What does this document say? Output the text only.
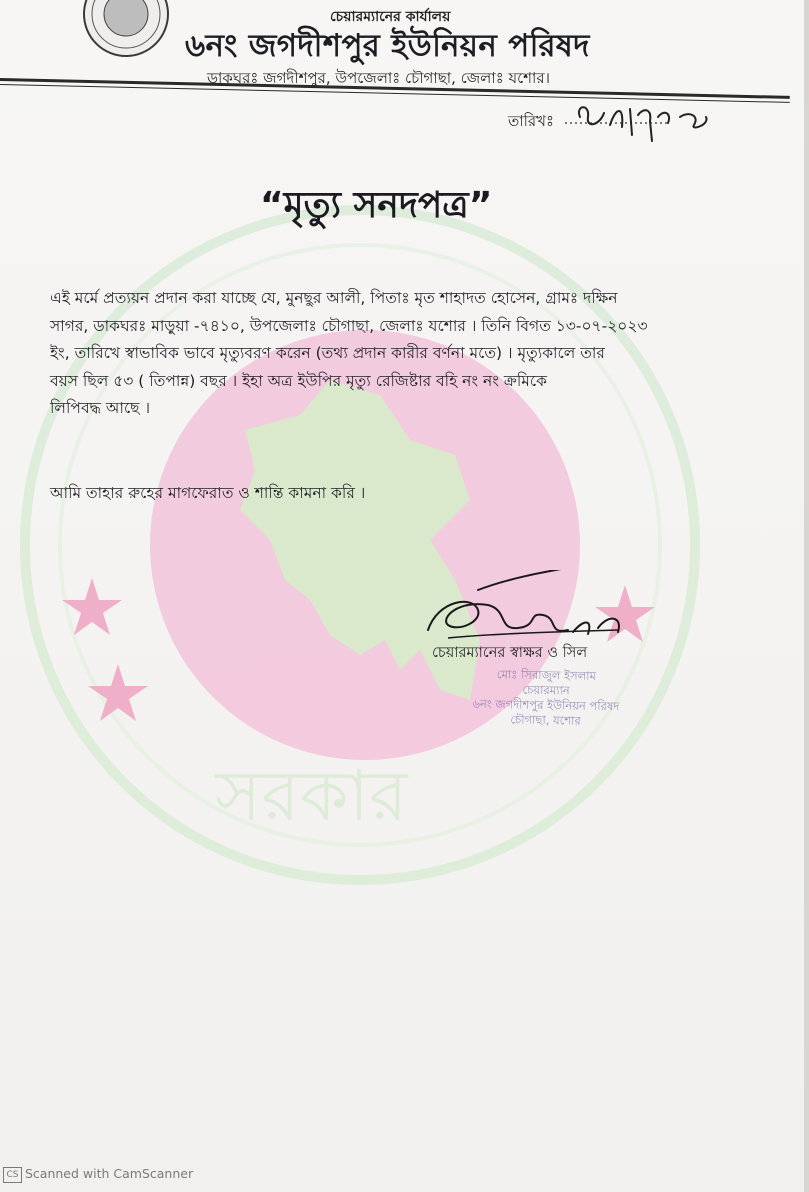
সরকার
চেয়ারম্যানের কার্যালয়
৬নং জগদীশপুর ইউনিয়ন পরিষদ
ডাকঘরঃ জগদীশপুর, উপজেলাঃ চৌগাছা, জেলাঃ যশোর।
তারিখঃ
“মৃত্যু সনদপত্র”
এই মর্মে প্রত্যয়ন প্রদান করা যাচ্ছে যে, মুনছুর আলী, পিতাঃ মৃত শাহাদত হোসেন, গ্রামঃ দক্ষিন
সাগর, ডাকঘরঃ মাড়ুয়া -৭৪১০, উপজেলাঃ চৌগাছা, জেলাঃ যশোর । তিনি বিগত ১৩-০৭-২০২৩
ইং, তারিখে স্বাভাবিক ভাবে মৃত্যুবরণ করেন (তথ্য প্রদান কারীর বর্ণনা মতে) । মৃত্যুকালে তার
বয়স ছিল ৫৩ ( তিপান্ন) বছর । ইহা অত্র ইউপির মৃত্যু রেজিষ্টার বহি নং নং ক্রমিকে
লিপিবদ্ধ আছে ।
আমি তাহার রুহের মাগফেরাত ও শান্তি কামনা করি ।
চেয়ারম্যানের স্বাক্ষর ও সিল
মোঃ সিরাজুল ইসলাম
চেয়ারম্যান
৬নং জগদীশপুর ইউনিয়ন পরিষদ
চৌগাছা, যশোর
CS Scanned with CamScanner
